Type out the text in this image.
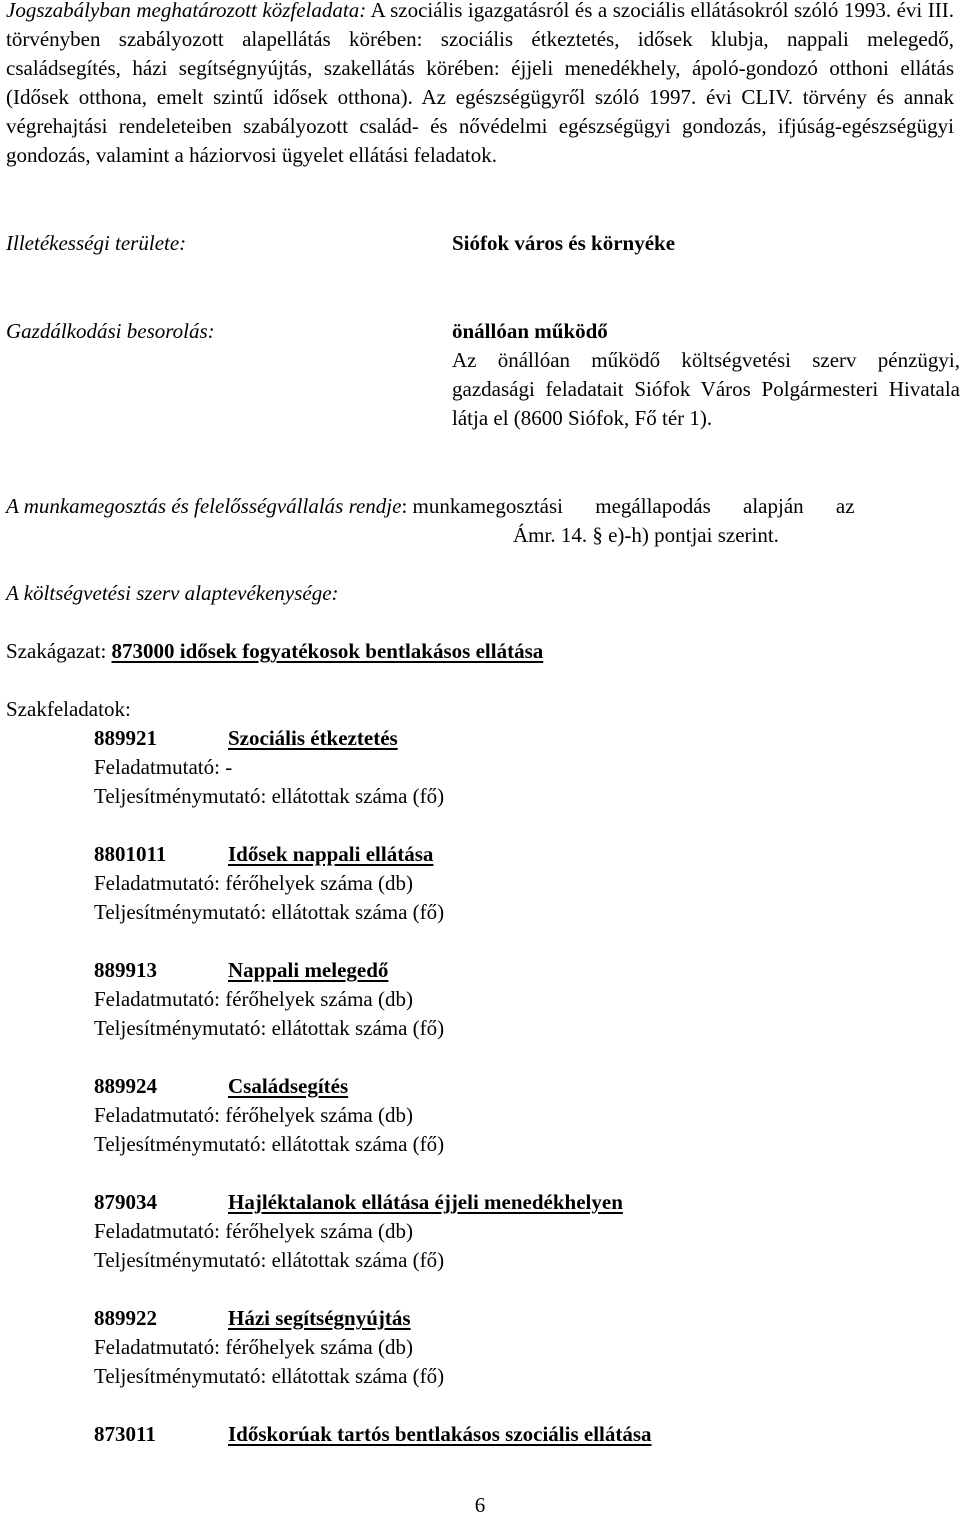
Jogszabályban meghatározott közfeladata: A szociális igazgatásról és a szociális ellátásokról szóló 1993. évi III. törvényben szabályozott alapellátás körében: szociális étkeztetés, idősek klubja, nappali melegedő, családsegítés, házi segítségnyújtás, szakellátás körében: éjjeli menedékhely, ápoló-gondozó otthoni ellátás (Idősek otthona, emelt szintű idősek otthona). Az egészségügyről szóló 1997. évi CLIV. törvény és annak végrehajtási rendeleteiben szabályozott család- és nővédelmi egészségügyi gondozás, ifjúság-egészségügyi gondozás, valamint a háziorvosi ügyelet ellátási feladatok.
Illetékességi területe:	Siófok város és környéke
Gazdálkodási besorolás:	önállóan működő
Az önállóan működő költségvetési szerv pénzügyi, gazdasági feladatait Siófok Város Polgármesteri Hivatala látja el (8600 Siófok, Fő tér 1).
A munkamegosztás és felelősségvállalás rendje: munkamegosztási megállapodás alapján az
Ámr. 14. § e)-h) pontjai szerint.
A költségvetési szerv alaptevékenysége:
Szakágazat: 873000 idősek fogyatékosok bentlakásos ellátása
Szakfeladatok:
889921	Szociális étkeztetés
Feladatmutató: -
Teljesítménymutató: ellátottak száma (fő)
8801011	Idősek nappali ellátása
Feladatmutató: férőhelyek száma (db)
Teljesítménymutató: ellátottak száma (fő)
889913	Nappali melegedő
Feladatmutató: férőhelyek száma (db)
Teljesítménymutató: ellátottak száma (fő)
889924	Családsegítés
Feladatmutató: férőhelyek száma (db)
Teljesítménymutató: ellátottak száma (fő)
879034	Hajléktalanok ellátása éjjeli menedékhelyen
Feladatmutató: férőhelyek száma (db)
Teljesítménymutató: ellátottak száma (fő)
889922	Házi segítségnyújtás
Feladatmutató: férőhelyek száma (db)
Teljesítménymutató: ellátottak száma (fő)
873011	Időskorúak tartós bentlakásos szociális ellátása
6
